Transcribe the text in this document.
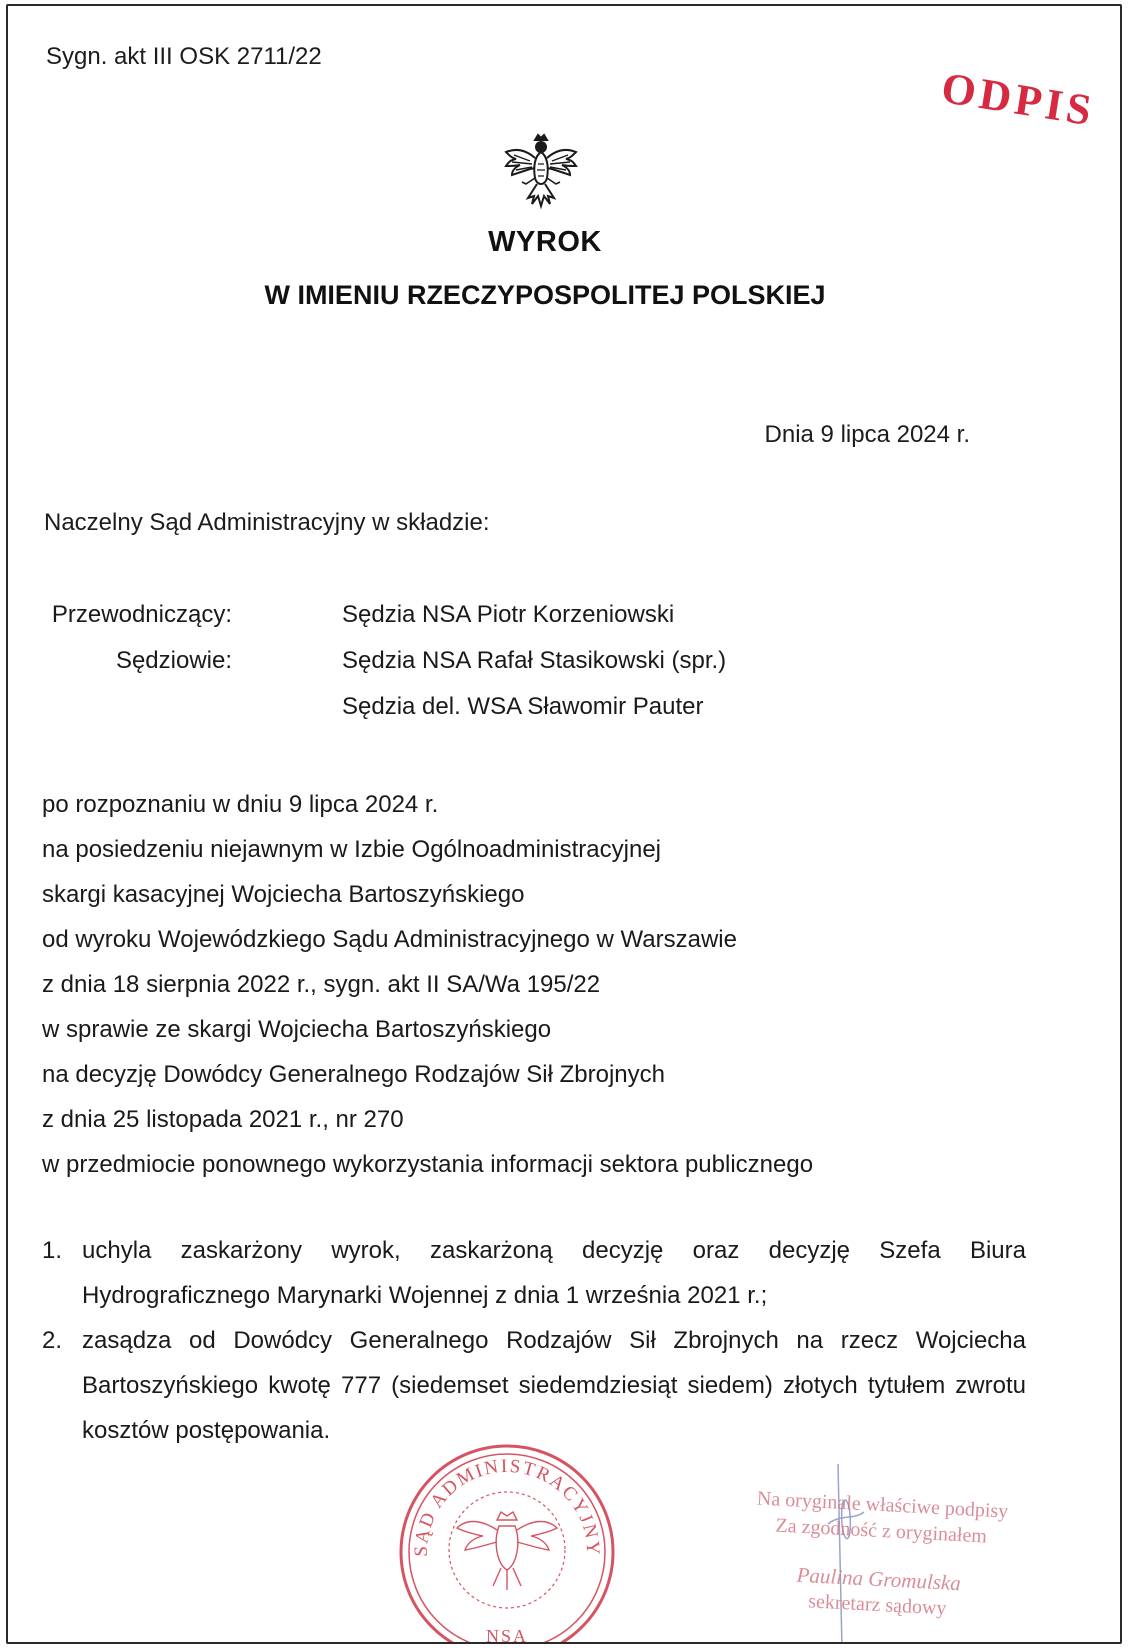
Sygn. akt III OSK 2711/22
ODPIS
WYROK
W IMIENIU RZECZYPOSPOLITEJ POLSKIEJ
Dnia 9 lipca 2024 r.
Naczelny Sąd Administracyjny w składzie:
Przewodniczący:	Sędzia NSA Piotr Korzeniowski
Sędziowie:	Sędzia NSA Rafał Stasikowski (spr.)
Sędzia del. WSA Sławomir Pauter
po rozpoznaniu w dniu 9 lipca 2024 r.
na posiedzeniu niejawnym w Izbie Ogólnoadministracyjnej
skargi kasacyjnej Wojciecha Bartoszyńskiego
od wyroku Wojewódzkiego Sądu Administracyjnego w Warszawie
z dnia 18 sierpnia 2022 r., sygn. akt II SA/Wa 195/22
w sprawie ze skargi Wojciecha Bartoszyńskiego
na decyzję Dowódcy Generalnego Rodzajów Sił Zbrojnych
z dnia 25 listopada 2021 r., nr 270
w przedmiocie ponownego wykorzystania informacji sektora publicznego
1. uchyla zaskarżony wyrok, zaskarżoną decyzję oraz decyzję Szefa Biura Hydrograficznego Marynarki Wojennej z dnia 1 września 2021 r.;
2. zasądza od Dowódcy Generalnego Rodzajów Sił Zbrojnych na rzecz Wojciecha Bartoszyńskiego kwotę 777 (siedemset siedemdziesiąt siedem) złotych tytułem zwrotu kosztów postępowania.
SĄD ADMINISTRACYJNY
NSA
Na oryginale właściwe podpisy
Za zgodność z oryginałem
Paulina Gromulska
sekretarz sądowy
